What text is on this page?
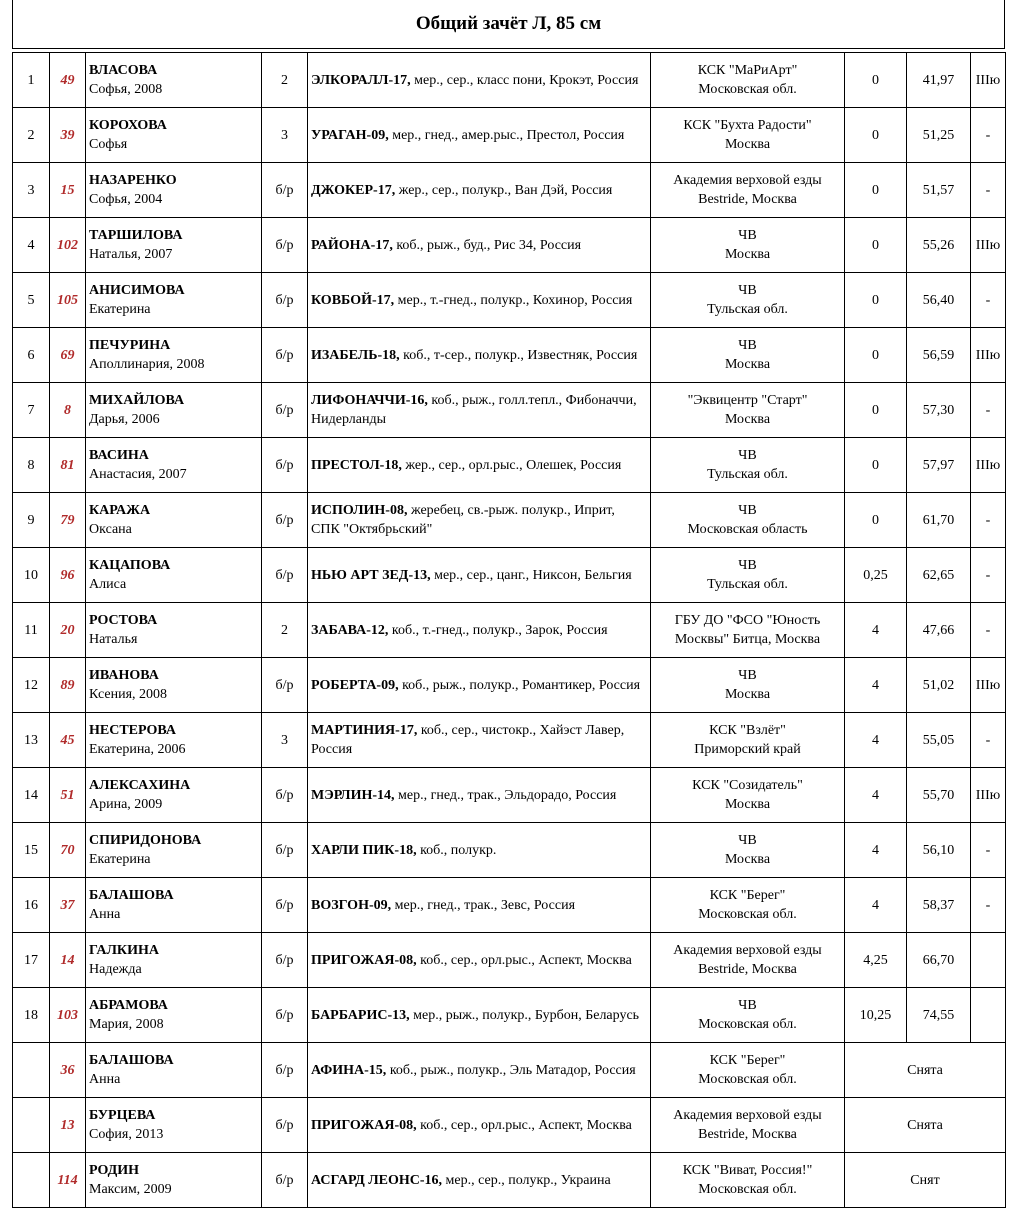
Общий зачёт Л, 85 см
1	49	ВЛАСОВА
Софья, 2008	2	ЭЛКОРАЛЛ-17, мер., сер., класс пони, Крокэт, Россия	КСК "МаРиАрт"
Московская обл.	0	41,97	IIIю
2	39	КОРОХОВА
Софья	3	УРАГАН-09, мер., гнед., амер.рыс., Престол, Россия	КСК "Бухта Радости"
Москва	0	51,25	-
3	15	НАЗАРЕНКО
Софья, 2004	б/р	ДЖОКЕР-17, жер., сер., полукр., Ван Дэй, Россия	Академия верховой езды
Bestride, Москва	0	51,57	-
4	102	ТАРШИЛОВА
Наталья, 2007	б/р	РАЙОНА-17, коб., рыж., буд., Рис 34, Россия	ЧВ
Москва	0	55,26	IIIю
5	105	АНИСИМОВА
Екатерина	б/р	КОВБОЙ-17, мер., т.-гнед., полукр., Кохинор, Россия	ЧВ
Тульская обл.	0	56,40	-
6	69	ПЕЧУРИНА
Аполлинария, 2008	б/р	ИЗАБЕЛЬ-18, коб., т-сер., полукр., Известняк, Россия	ЧВ
Москва	0	56,59	IIIю
7	8	МИХАЙЛОВА
Дарья, 2006	б/р	ЛИФОНАЧЧИ-16, коб., рыж., голл.тепл., Фибоначчи, Нидерланды	"Эквицентр "Старт"
Москва	0	57,30	-
8	81	ВАСИНА
Анастасия, 2007	б/р	ПРЕСТОЛ-18, жер., сер., орл.рыс., Олешек, Россия	ЧВ
Тульская обл.	0	57,97	IIIю
9	79	КАРАЖА
Оксана	б/р	ИСПОЛИН-08, жеребец, св.-рыж. полукр., Иприт, СПК "Октябрьский"	ЧВ
Московская область	0	61,70	-
10	96	КАЦАПОВА
Алиса	б/р	НЬЮ АРТ ЗЕД-13, мер., сер., цанг., Никсон, Бельгия	ЧВ
Тульская обл.	0,25	62,65	-
11	20	РОСТОВА
Наталья	2	ЗАБАВА-12, коб., т.-гнед., полукр., Зарок, Россия	ГБУ ДО "ФСО "Юность
Москвы" Битца, Москва	4	47,66	-
12	89	ИВАНОВА
Ксения, 2008	б/р	РОБЕРТА-09, коб., рыж., полукр., Романтикер, Россия	ЧВ
Москва	4	51,02	IIIю
13	45	НЕСТЕРОВА
Екатерина, 2006	3	МАРТИНИЯ-17, коб., сер., чистокр., Хайэст Лавер, Россия	КСК "Взлёт"
Приморский край	4	55,05	-
14	51	АЛЕКСАХИНА
Арина, 2009	б/р	МЭРЛИН-14, мер., гнед., трак., Эльдорадо, Россия	КСК "Созидатель"
Москва	4	55,70	IIIю
15	70	СПИРИДОНОВА
Екатерина	б/р	ХАРЛИ ПИК-18, коб., полукр.	ЧВ
Москва	4	56,10	-
16	37	БАЛАШОВА
Анна	б/р	ВОЗГОН-09, мер., гнед., трак., Зевс, Россия	КСК "Берег"
Московская обл.	4	58,37	-
17	14	ГАЛКИНА
Надежда	б/р	ПРИГОЖАЯ-08, коб., сер., орл.рыс., Аспект, Москва	Академия верховой езды
Bestride, Москва	4,25	66,70	
18	103	АБРАМОВА
Мария, 2008	б/р	БАРБАРИС-13, мер., рыж., полукр., Бурбон, Беларусь	ЧВ
Московская обл.	10,25	74,55	
	36	БАЛАШОВА
Анна	б/р	АФИНА-15, коб., рыж., полукр., Эль Матадор, Россия	КСК "Берег"
Московская обл.	Снята		
	13	БУРЦЕВА
София, 2013	б/р	ПРИГОЖАЯ-08, коб., сер., орл.рыс., Аспект, Москва	Академия верховой езды
Bestride, Москва	Снята		
	114	РОДИН
Максим, 2009	б/р	АСГАРД ЛЕОНС-16, мер., сер., полукр., Украина	КСК "Виват, Россия!"
Московская обл.	Снят		
